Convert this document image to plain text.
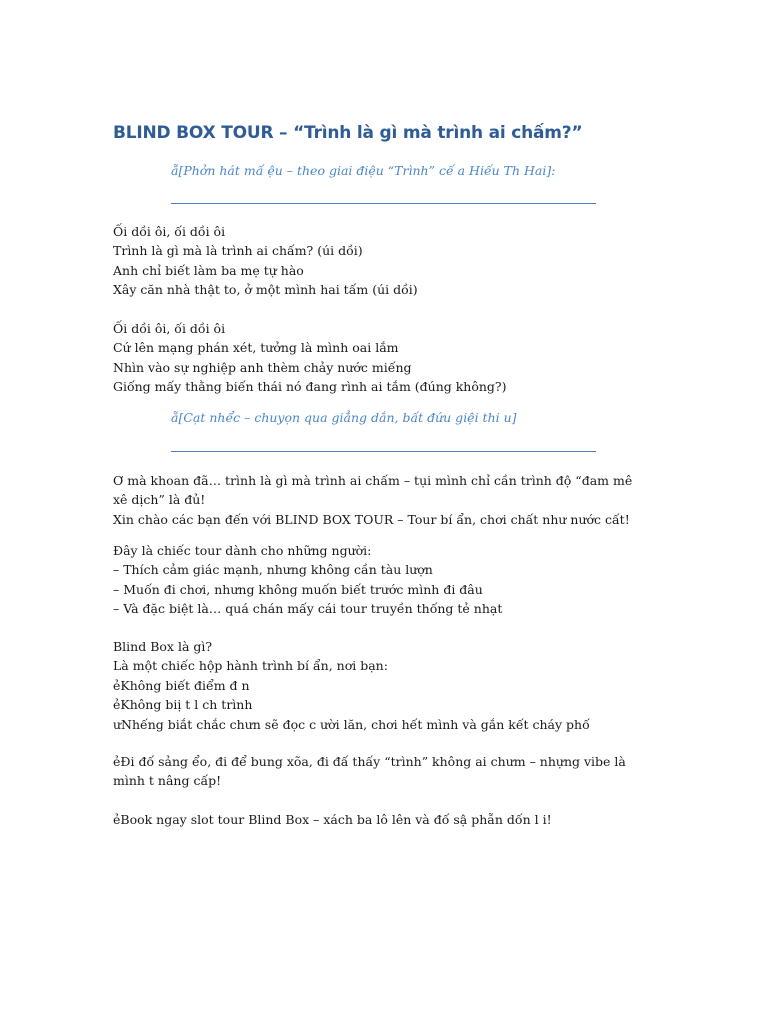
BLIND BOX TOUR – “Trình là gì mà trình ai chấm?”
ẵ[Phởn hát mấ ệu – theo giai điệu “Trình” cế a Hiếu Th Hai]:
Ối dồi ôi, ối dồi ôi
Trình là gì mà là trình ai chấm? (úi dồi)
Anh chỉ biết làm ba mẹ tự hào
Xây căn nhà thật to, ở một mình hai tấm (úi dồi)
Ối dồi ôi, ối dồi ôi
Cứ lên mạng phán xét, tưởng là mình oai lắm
Nhìn vào sự nghiệp anh thèm chảy nước miếng
Giống mấy thằng biến thái nó đang rình ai tắm (đúng không?)
ẵ[Cạt nhểc – chuyọn qua giẳng dắn, bất đứu giệi thi u]
Ơ mà khoan đã… trình là gì mà trình ai chấm – tụi mình chỉ cần trình độ “đam mê xê dịch” là đủ!
Xin chào các bạn đến với BLIND BOX TOUR – Tour bí ẩn, chơi chất như nước cất!
Đây là chiếc tour dành cho những người:
– Thích cảm giác mạnh, nhưng không cần tàu lượn
– Muốn đi chơi, nhưng không muốn biết trước mình đi đâu
– Và đặc biệt là… quá chán mấy cái tour truyền thống tẻ nhạt
Blind Box là gì?
Là một chiếc hộp hành trình bí ẩn, nơi bạn:
ẻKhông biết điểm đ n
ẻKhông biị t l ch trình
ưNhếng biắt chắc chưn sẽ đọc c ười lăn, chơi hết mình và gắn kết cháy phố
ẻĐi đố sảng ểo, đi để bung xõa, đi đấ thấy “trình” không ai chưm – nhựng vibe là mình t nâng cấp!
ẻBook ngay slot tour Blind Box – xách ba lô lên và đố sậ phẫn dốn l i!
